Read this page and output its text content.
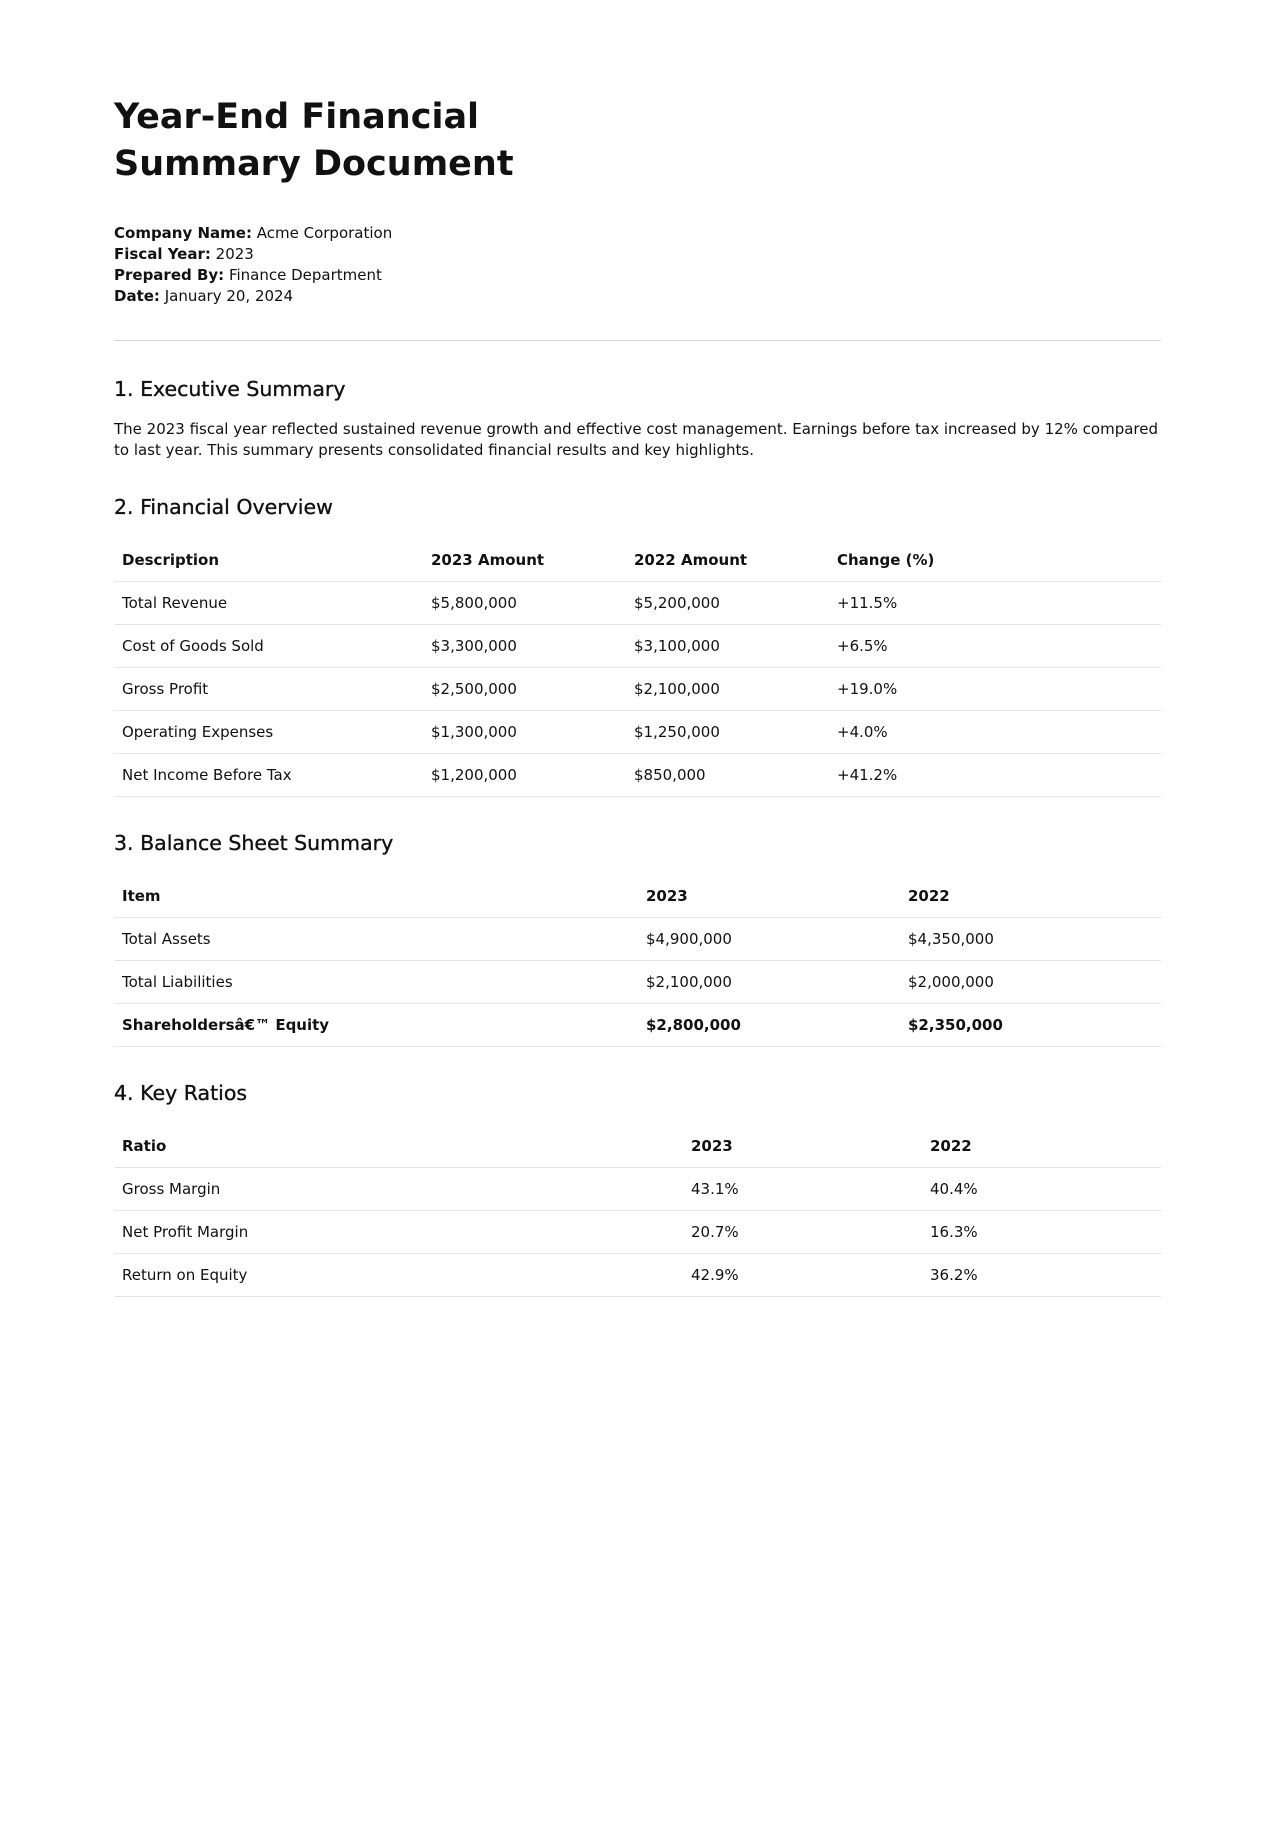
Year-End Financial Summary Document
Company Name: Acme Corporation
Fiscal Year: 2023
Prepared By: Finance Department
Date: January 20, 2024
1. Executive Summary

The 2023 fiscal year reflected sustained revenue growth and effective cost management. Earnings before tax increased by 12% compared to last year. This summary presents consolidated financial results and key highlights.

2. Financial Overview
Description	2023 Amount	2022 Amount	Change (%)
Total Revenue	$5,800,000	$5,200,000	+11.5%
Cost of Goods Sold	$3,300,000	$3,100,000	+6.5%
Gross Profit	$2,500,000	$2,100,000	+19.0%
Operating Expenses	$1,300,000	$1,250,000	+4.0%
Net Income Before Tax	$1,200,000	$850,000	+41.2%
3. Balance Sheet Summary
Item	2023	2022
Total Assets	$4,900,000	$4,350,000
Total Liabilities	$2,100,000	$2,000,000
Shareholdersâ€™ Equity	$2,800,000	$2,350,000
4. Key Ratios
Ratio	2023	2022
Gross Margin	43.1%	40.4%
Net Profit Margin	20.7%	16.3%
Return on Equity	42.9%	36.2%
